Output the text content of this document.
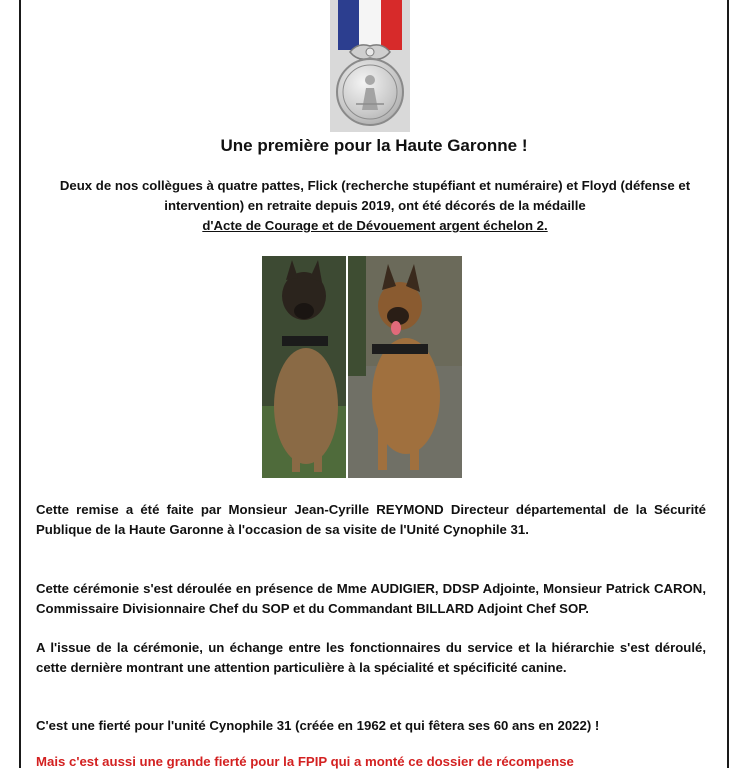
Une première pour la Haute Garonne !
Deux de nos collègues à quatre pattes, Flick (recherche stupéfiant et numéraire) et Floyd (défense et intervention) en retraite depuis 2019, ont été décorés de la médaille
d'Acte de Courage et de Dévouement argent échelon 2.
Cette remise a été faite par Monsieur Jean-Cyrille REYMOND Directeur départemental de la Sécurité Publique de la Haute Garonne à l'occasion de sa visite de l'Unité Cynophile 31.
Cette cérémonie s'est déroulée en présence de Mme AUDIGIER, DDSP Adjointe, Monsieur Patrick CARON, Commissaire Divisionnaire Chef du SOP et du Commandant BILLARD Adjoint Chef SOP.
A l'issue de la cérémonie, un échange entre les fonctionnaires du service et la hiérarchie s'est déroulé, cette dernière montrant une attention particulière à la spécialité et spécificité canine.
C'est une fierté pour l'unité Cynophile 31 (créée en 1962 et qui fêtera ses 60 ans en 2022) !
Mais c'est aussi une grande fierté pour la FPIP qui a monté ce dossier de récompense
